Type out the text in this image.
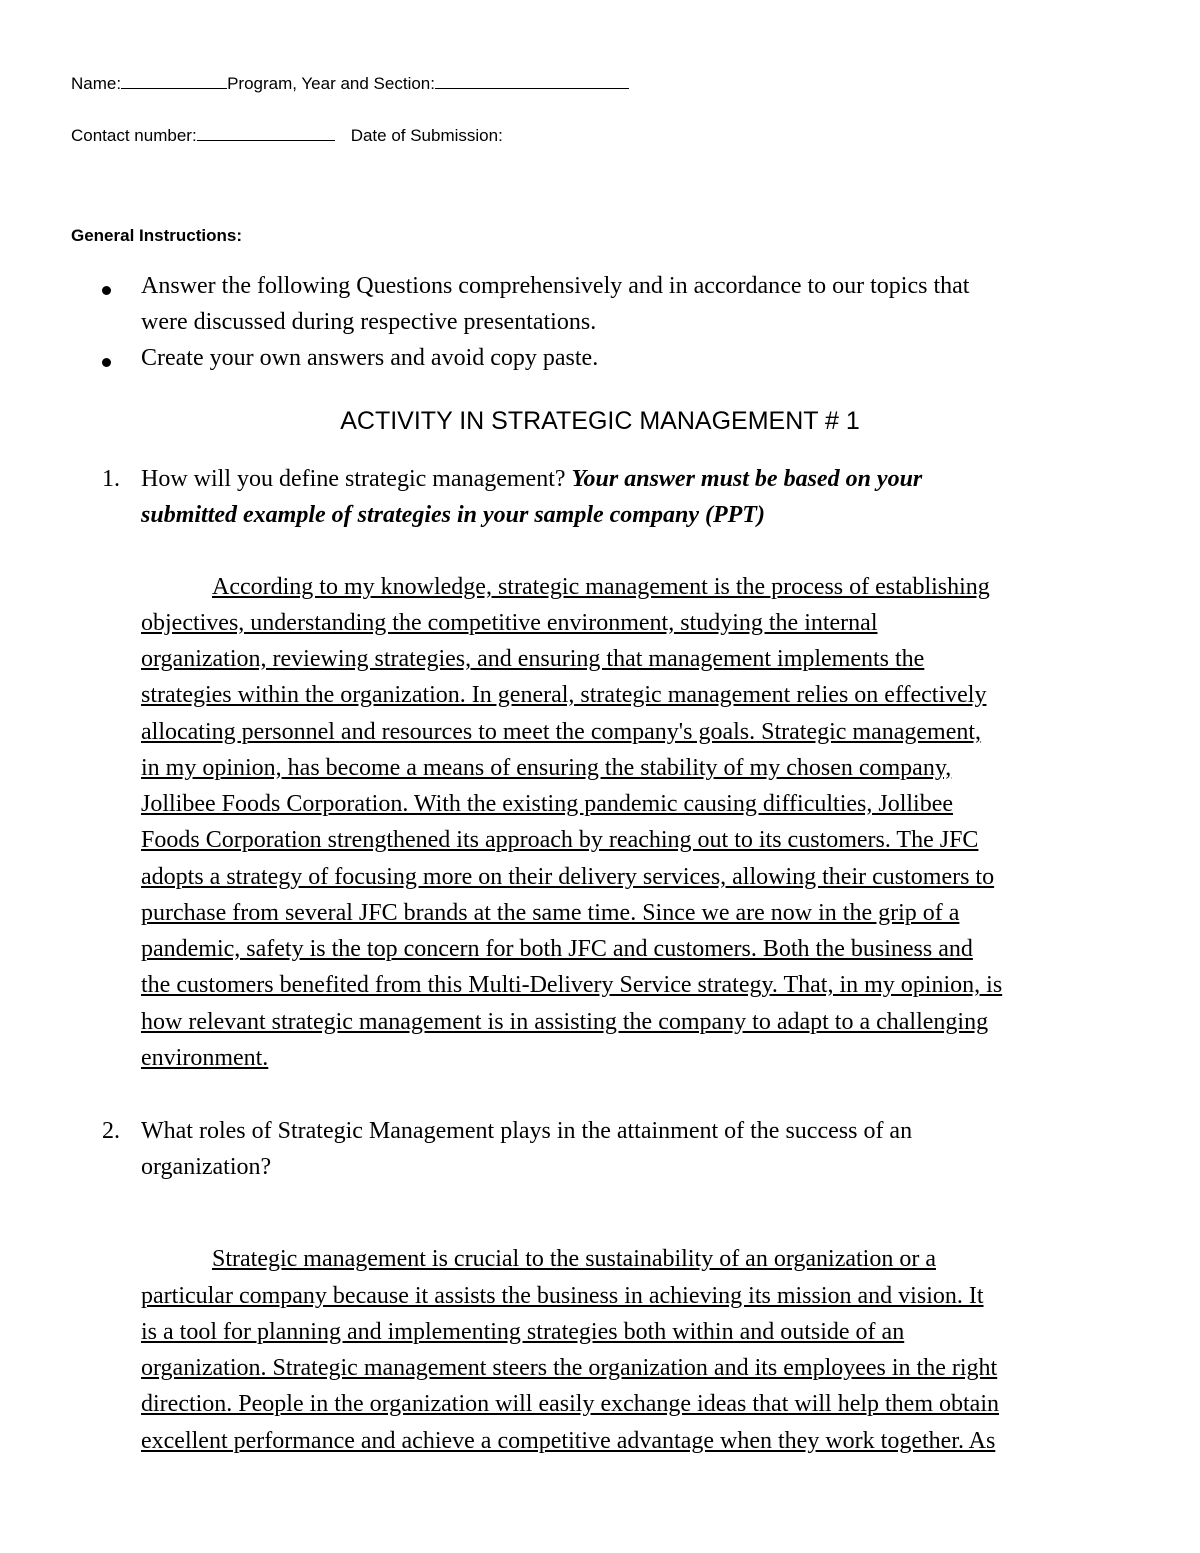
Name:	Program, Year and Section:
Contact number:	Date of Submission:
General Instructions:
Answer the following Questions comprehensively and in accordance to our topics that
were discussed during respective presentations.
Create your own answers and avoid copy paste.
ACTIVITY IN STRATEGIC MANAGEMENT # 1
1. How will you define strategic management? Your answer must be based on your
submitted example of strategies in your sample company (PPT)
According to my knowledge, strategic management is the process of establishing
objectives, understanding the competitive environment, studying the internal
organization, reviewing strategies, and ensuring that management implements the
strategies within the organization. In general, strategic management relies on effectively
allocating personnel and resources to meet the company's goals. Strategic management,
in my opinion, has become a means of ensuring the stability of my chosen company,
Jollibee Foods Corporation. With the existing pandemic causing difficulties, Jollibee
Foods Corporation strengthened its approach by reaching out to its customers. The JFC
adopts a strategy of focusing more on their delivery services, allowing their customers to
purchase from several JFC brands at the same time. Since we are now in the grip of a
pandemic, safety is the top concern for both JFC and customers. Both the business and
the customers benefited from this Multi-Delivery Service strategy. That, in my opinion, is
how relevant strategic management is in assisting the company to adapt to a challenging
environment.
2. What roles of Strategic Management plays in the attainment of the success of an
organization?
Strategic management is crucial to the sustainability of an organization or a
particular company because it assists the business in achieving its mission and vision. It
is a tool for planning and implementing strategies both within and outside of an
organization. Strategic management steers the organization and its employees in the right
direction. People in the organization will easily exchange ideas that will help them obtain
excellent performance and achieve a competitive advantage when they work together. As
